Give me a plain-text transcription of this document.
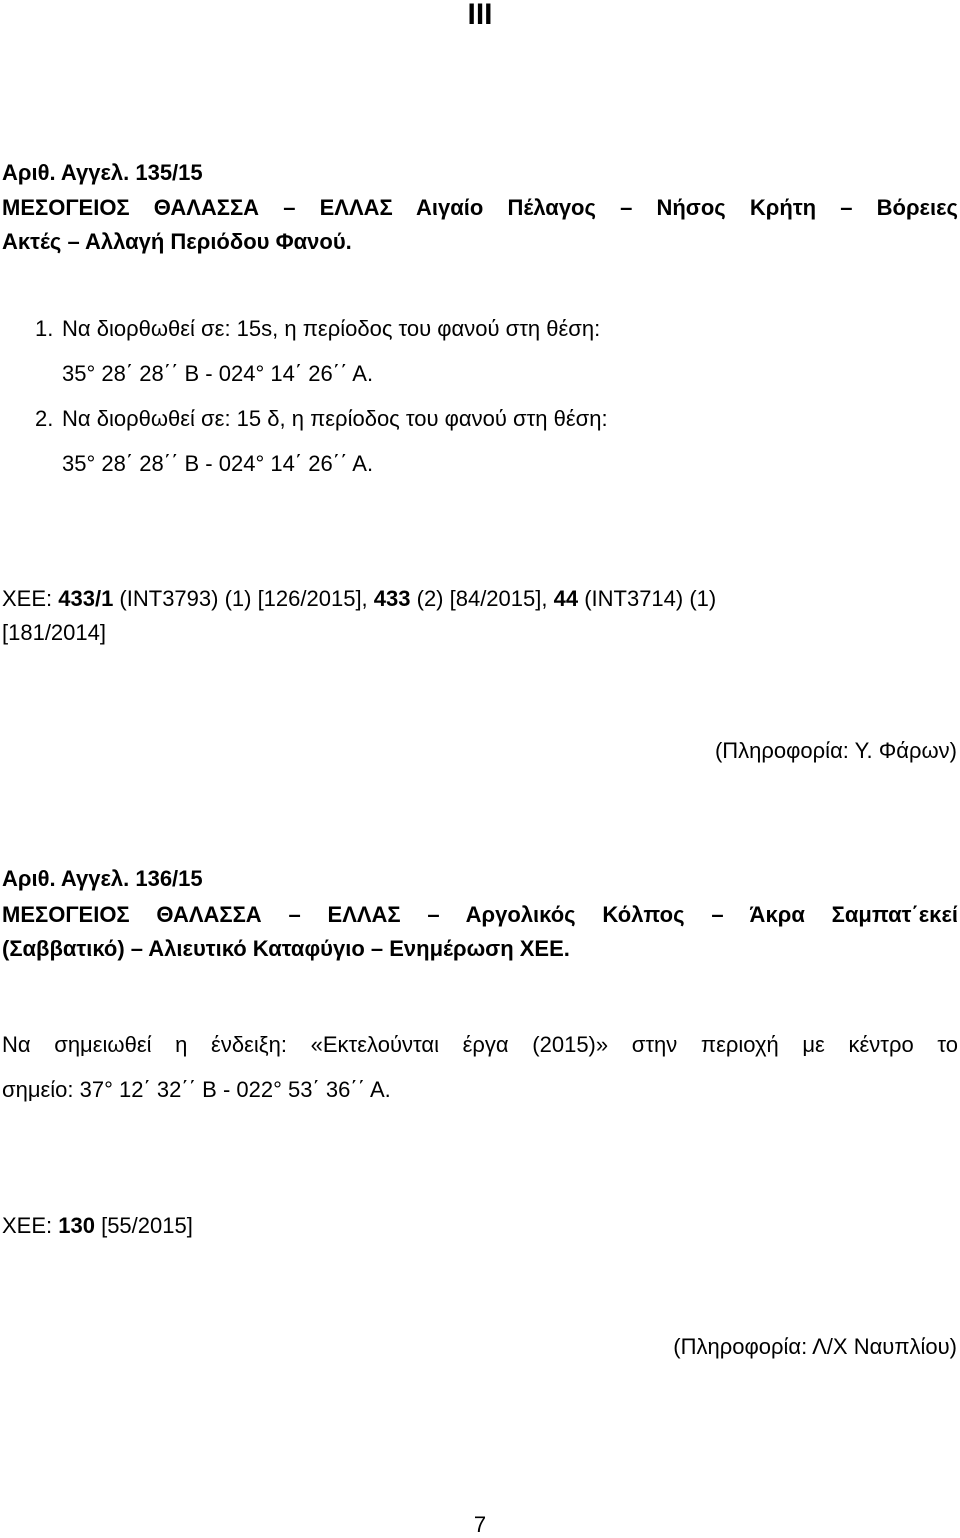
III
Αριθ. Αγγελ. 135/15
ΜΕΣΟΓΕΙΟΣ ΘΑΛΑΣΣΑ – ΕΛΛΑΣ Αιγαίο Πέλαγος – Νήσος Κρήτη – Βόρειες
Ακτές – Αλλαγή Περιόδου Φανού.
1. Να διορθωθεί σε: 15s, η περίοδος του φανού στη θέση:
35° 28΄ 28΄΄ Β - 024° 14΄ 26΄΄ Α.
2. Να διορθωθεί σε: 15 δ, η περίοδος του φανού στη θέση:
35° 28΄ 28΄΄ Β - 024° 14΄ 26΄΄ Α.
ΧΕΕ: 433/1 (INT3793) (1) [126/2015], 433 (2) [84/2015], 44 (INT3714) (1)
[181/2014]
(Πληροφορία: Υ. Φάρων)
Αριθ. Αγγελ. 136/15
ΜΕΣΟΓΕΙΟΣ ΘΑΛΑΣΣΑ – ΕΛΛΑΣ – Αργολικός Κόλπος – Άκρα Σαμπατ΄εκεί
(Σαββατικό) – Αλιευτικό Καταφύγιο – Ενημέρωση ΧΕΕ.
Να σημειωθεί η ένδειξη: «Εκτελούνται έργα (2015)» στην περιοχή με κέντρο το
σημείο: 37° 12΄ 32΄΄ Β - 022° 53΄ 36΄΄ Α.
ΧΕΕ: 130 [55/2015]
(Πληροφορία: Λ/Χ Ναυπλίου)
7
